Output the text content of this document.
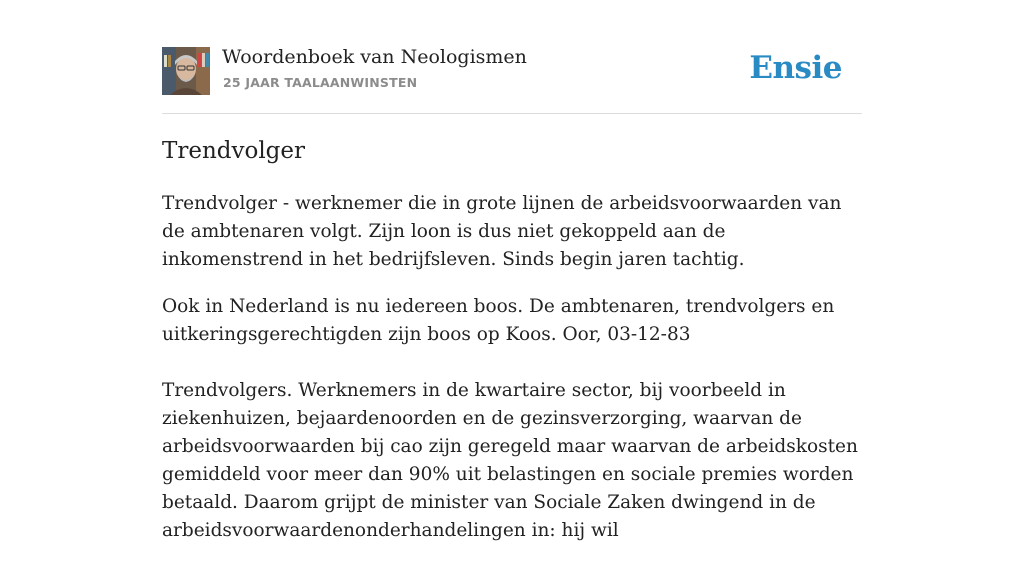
Woordenboek van Neologismen
25 JAAR TAALAANWINSTEN	Ensie
Trendvolger

Trendvolger - werknemer die in grote lijnen de arbeidsvoorwaarden van de ambtenaren volgt. Zijn loon is dus niet gekoppeld aan de inkomenstrend in het bedrijfsleven. Sinds begin jaren tachtig.

Ook in Nederland is nu iedereen boos. De ambtenaren, trendvolgers en uitkeringsgerechtigden zijn boos op Koos. Oor, 03-12-83

Trendvolgers. Werknemers in de kwartaire sector, bij voorbeeld in ziekenhuizen, bejaardenoorden en de gezinsverzorging, waarvan de arbeidsvoorwaarden bij cao zijn geregeld maar waarvan de arbeidskosten gemiddeld voor meer dan 90% uit belastingen en sociale premies worden betaald. Daarom grijpt de minister van Sociale Zaken dwingend in de arbeidsvoorwaardenonderhandelingen in: hij wil
